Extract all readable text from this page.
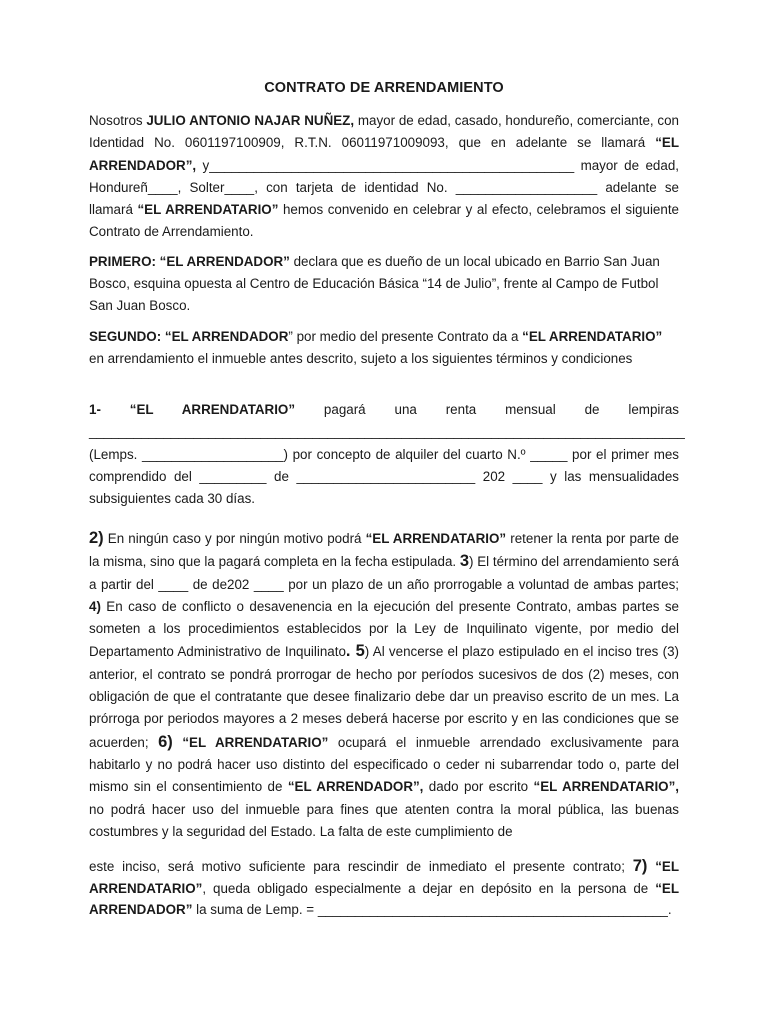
CONTRATO DE ARRENDAMIENTO

Nosotros JULIO ANTONIO NAJAR NUÑEZ, mayor de edad, casado, hondureño, comerciante, con Identidad No. 0601197100909, R.T.N. 06011971009093, que en adelante se llamará “EL ARRENDADOR”, y_________________________________________________ mayor de edad, Hondureñ____, Solter____, con tarjeta de identidad No. ___________________ adelante se llamará “EL ARRENDATARIO” hemos convenido en celebrar y al efecto, celebramos el siguiente Contrato de Arrendamiento.

PRIMERO: “EL ARRENDADOR” declara que es dueño de un local ubicado en Barrio San Juan Bosco, esquina opuesta al Centro de Educación Básica “14 de Julio”, frente al Campo de Futbol San Juan Bosco.

SEGUNDO: “EL ARRENDADOR” por medio del presente Contrato da a “EL ARRENDATARIO” en arrendamiento el inmueble antes descrito, sujeto a los siguientes términos y condiciones

1- “EL ARRENDATARIO” pagará una renta mensual de lempiras ________________________________________________________________________________ (Lemps. ___________________) por concepto de alquiler del cuarto N.º _____ por el primer mes comprendido del _________ de ________________________ 202 ____ y las mensualidades subsiguientes cada 30 días.

2) En ningún caso y por ningún motivo podrá “EL ARRENDATARIO” retener la renta por parte de la misma, sino que la pagará completa en la fecha estipulada. 3) El término del arrendamiento será a partir del ____ de de202 ____ por un plazo de un año prorrogable a voluntad de ambas partes; 4) En caso de conflicto o desavenencia en la ejecución del presente Contrato, ambas partes se someten a los procedimientos establecidos por la Ley de Inquilinato vigente, por medio del Departamento Administrativo de Inquilinato. 5) Al vencerse el plazo estipulado en el inciso tres (3) anterior, el contrato se pondrá prorrogar de hecho por períodos sucesivos de dos (2) meses, con obligación de que el contratante que desee finalizario debe dar un preaviso escrito de un mes. La prórroga por periodos mayores a 2 meses deberá hacerse por escrito y en las condiciones que se acuerden; 6) “EL ARRENDATARIO” ocupará el inmueble arrendado exclusivamente para habitarlo y no podrá hacer uso distinto del especificado o ceder ni subarrendar todo o, parte del mismo sin el consentimiento de “EL ARRENDADOR”, dado por escrito “EL ARRENDATARIO”, no podrá hacer uso del inmueble para fines que atenten contra la moral pública, las buenas costumbres y la seguridad del Estado. La falta de este cumplimiento de

este inciso, será motivo suficiente para rescindir de inmediato el presente contrato; 7) “EL ARRENDATARIO”, queda obligado especialmente a dejar en depósito en la persona de “EL ARRENDADOR” la suma de Lemp. = _______________________________________________.
